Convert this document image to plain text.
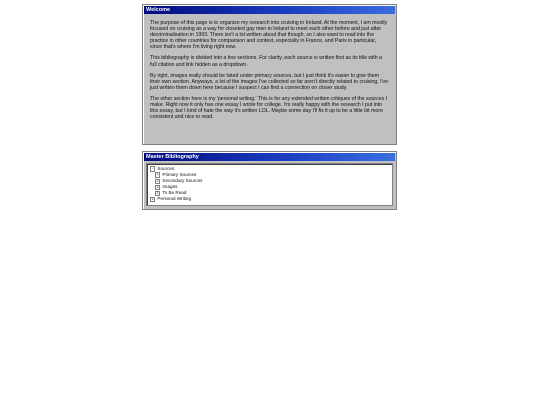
Welcome

The purpose of this page is to organize my research into cruising in Ireland. At the moment, I am mostly focused on cruising as a way for closeted gay men in Ireland to meet each other before and just after decriminalisation in 1993. There isn't a lot written about that though, so I also want to read into the practice in other countries for comparison and context, especially in France, and Paris in particular, since that's where I'm living right now.

This bibliography is divided into a few sections. For clarity, each source is written first as its title with a full citation and link hidden as a dropdown.

By right, images really should be listed under primary sources, but I just think it's easier to give them their own section. Anyways, a lot of the images I've collected so far aren't directly related to cruising, I've just written them down here because I suspect I can find a connection on closer study.

The other section here is my 'personal writing.' This is for any extended written critiques of the sources I make. Right now it only has one essay I wrote for college. I'm really happy with the research I put into this essay, but I kind of hate the way it's written LOL. Maybe some day I'll fix it up to be a little bit more consistent and nice to read.

Master Bibliography
- Sources
+ Primary Sources
+ Secondary Sources
+ Images
+ To Be Read
+ Personal Writing
